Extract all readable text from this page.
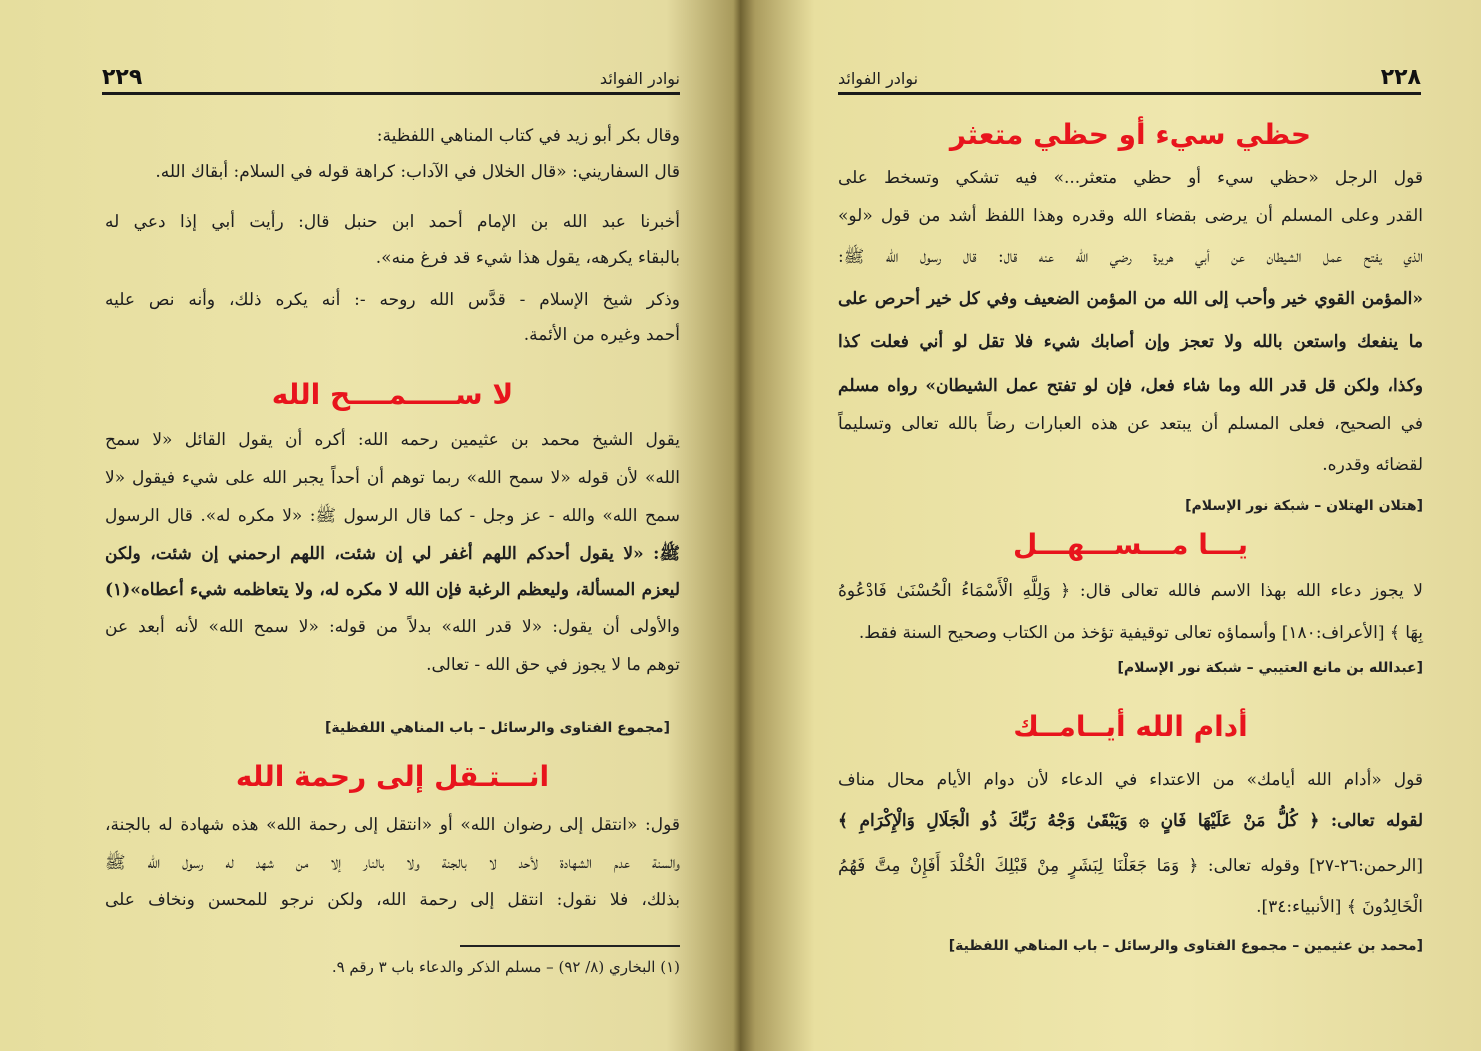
٢٢٩	نوادر الفوائد
وقال بكر أبو زيد في كتاب المناهي اللفظية:
قال السفاريني: «قال الخلال في الآداب: كراهة قوله في السلام: أبقاك الله.
أخبرنا عبد الله بن الإمام أحمد ابن حنبل قال: رأيت أبي إذا دعي له
بالبقاء يكرهه، يقول هذا شيء قد فرغ منه».
وذكر شيخ الإسلام - قدَّس الله روحه -: أنه يكره ذلك، وأنه نص عليه
أحمد وغيره من الأئمة.
لا ســـــمــــح الله
يقول الشيخ محمد بن عثيمين رحمه الله: أكره أن يقول القائل «لا سمح
الله» لأن قوله «لا سمح الله» ربما توهم أن أحداً يجبر الله على شيء فيقول «لا
سمح الله» والله - عز وجل - كما قال الرسول ﷺ: «لا مكره له». قال الرسول
ﷺ: «لا يقول أحدكم اللهم أغفر لي إن شئت، اللهم ارحمني إن شئت، ولكن
ليعزم المسألة، وليعظم الرغبة فإن الله لا مكره له، ولا يتعاظمه شيء أعطاه»(١)
والأولى أن يقول: «لا قدر الله» بدلاً من قوله: «لا سمح الله» لأنه أبعد عن
توهم ما لا يجوز في حق الله - تعالى.
[مجموع الفتاوى والرسائل – باب المناهي اللفظية]
انـــتـقل إلى رحمة الله
قول: «انتقل إلى رضوان الله» أو «انتقل إلى رحمة الله» هذه شهادة له بالجنة،
والسنة عدم الشهادة لأحد لا بالجنة ولا بالنار إلا من شهد له رسول الله ﷺ
بذلك، فلا نقول: انتقل إلى رحمة الله، ولكن نرجو للمحسن ونخاف على
(١) البخاري (٨/ ٩٢) – مسلم الذكر والدعاء باب ٣ رقم ٩.
نوادر الفوائد	٢٢٨
حظي سيء أو حظي متعثر
قول الرجل «حظي سيء أو حظي متعثر...» فيه تشكي وتسخط على
القدر وعلى المسلم أن يرضى بقضاء الله وقدره وهذا اللفظ أشد من قول «لو»
الذي يفتح عمل الشيطان عن أبي هريرة رضي الله عنه قال: قال رسول الله ﷺ:
«المؤمن القوي خير وأحب إلى الله من المؤمن الضعيف وفي كل خير أحرص على
ما ينفعك واستعن بالله ولا تعجز وإن أصابك شيء فلا تقل لو أني فعلت كذا
وكذا، ولكن قل قدر الله وما شاء فعل، فإن لو تفتح عمل الشيطان» رواه مسلم
في الصحيح، فعلى المسلم أن يبتعد عن هذه العبارات رضاً بالله تعالى وتسليماً
لقضائه وقدره.
[هتلان الهتلان – شبكة نور الإسلام]
يـــا مـــســـهـــل
لا يجوز دعاء الله بهذا الاسم فالله تعالى قال: ﴿ وَلِلَّهِ الْأَسْمَاءُ الْحُسْنَىٰ فَادْعُوهُ
بِهَا ﴾ [الأعراف:١٨٠] وأسماؤه تعالى توقيفية تؤخذ من الكتاب وصحيح السنة فقط.
[عبدالله بن مانع العتيبي – شبكة نور الإسلام]
أدام الله أيــامــك
قول «أدام الله أيامك» من الاعتداء في الدعاء لأن دوام الأيام محال مناف
لقوله تعالى: ﴿ كُلُّ مَنْ عَلَيْهَا فَانٍ ۞ وَيَبْقَىٰ وَجْهُ رَبِّكَ ذُو الْجَلَالِ وَالْإِكْرَامِ ﴾
[الرحمن:٢٦-٢٧] وقوله تعالى: ﴿ وَمَا جَعَلْنَا لِبَشَرٍ مِنْ قَبْلِكَ الْخُلْدَ أَفَإِنْ مِتَّ فَهُمُ
الْخَالِدُونَ ﴾ [الأنبياء:٣٤].
[محمد بن عثيمين – مجموع الفتاوى والرسائل – باب المناهي اللفظية]
